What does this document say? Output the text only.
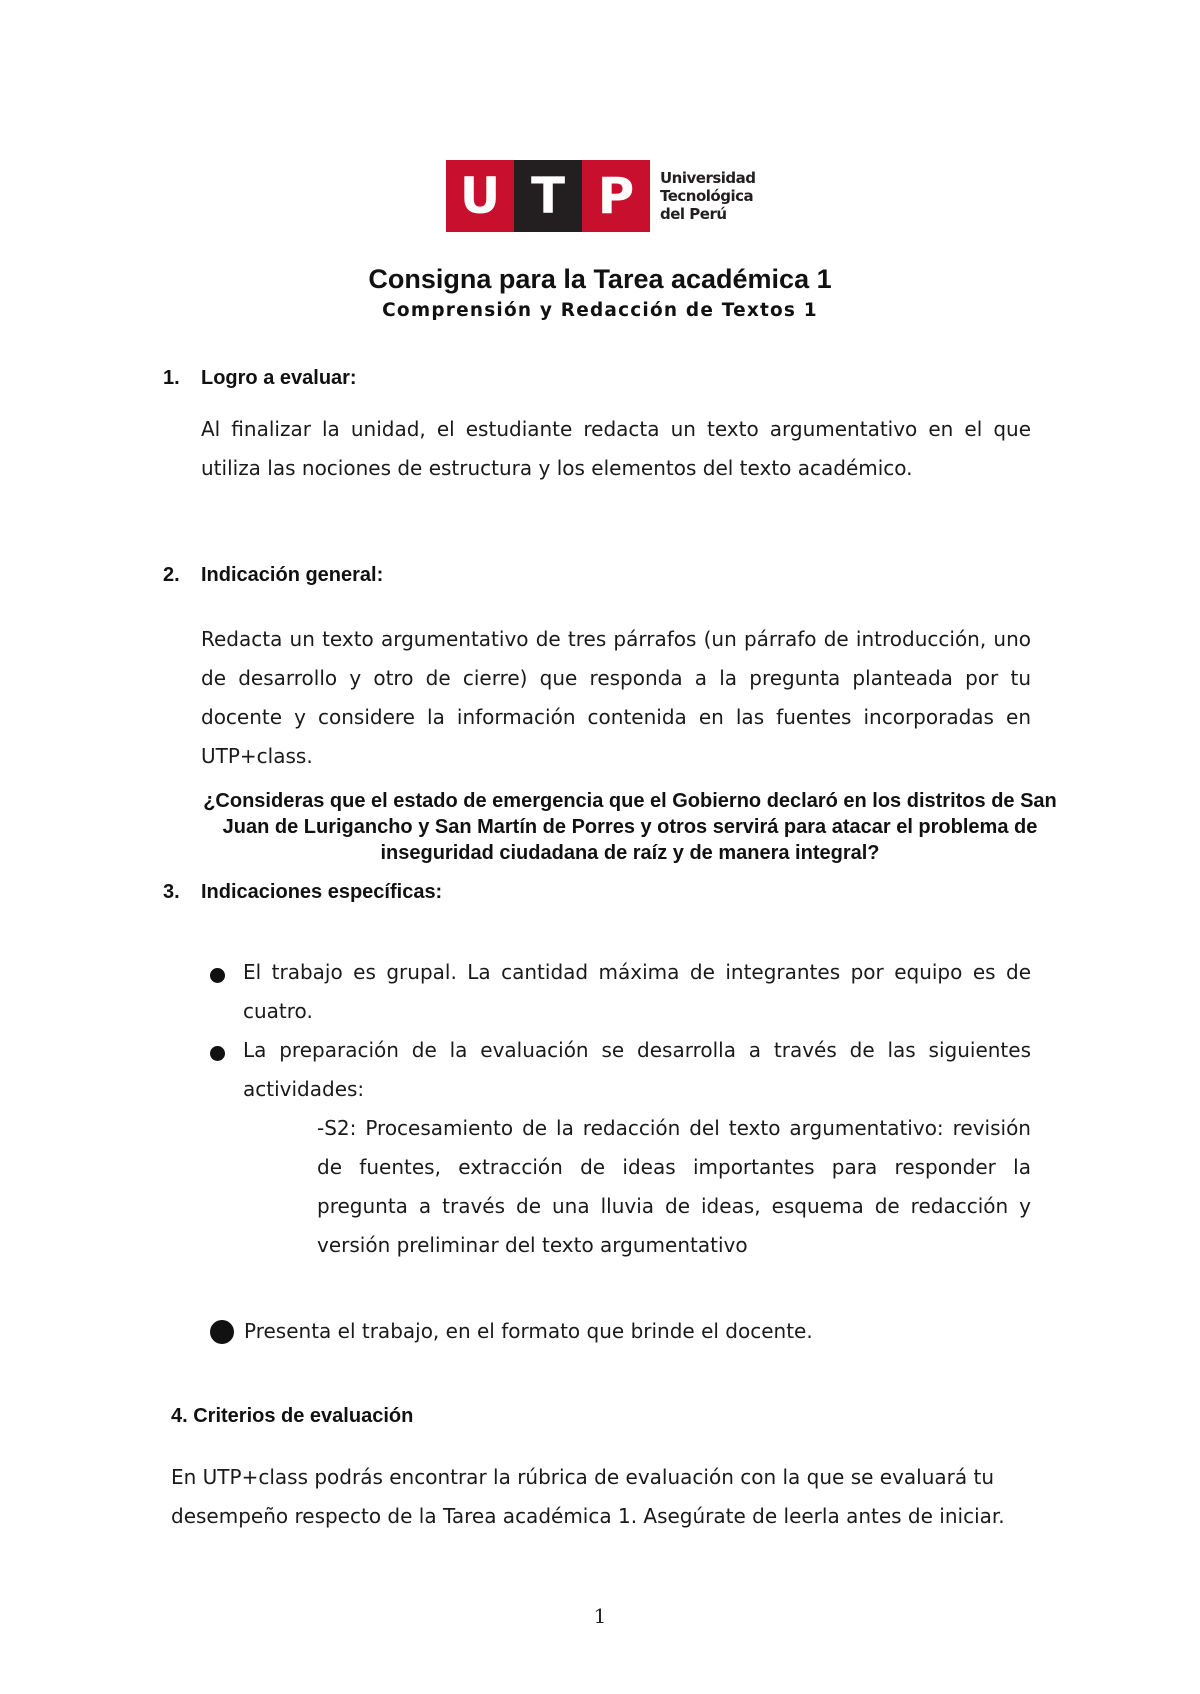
U T P	Universidad
Tecnológica
del Perú
Consigna para la Tarea académica 1
Comprensión y Redacción de Textos 1
1. Logro a evaluar:
Al finalizar la unidad, el estudiante redacta un texto argumentativo en el que utiliza las nociones de estructura y los elementos del texto académico.
2. Indicación general:
Redacta un texto argumentativo de tres párrafos (un párrafo de introducción, uno de desarrollo y otro de cierre) que responda a la pregunta planteada por tu docente y considere la información contenida en las fuentes incorporadas en UTP+class.
¿Consideras que el estado de emergencia que el Gobierno declaró en los distritos de San Juan de Lurigancho y San Martín de Porres y otros servirá para atacar el problema de inseguridad ciudadana de raíz y de manera integral?
3. Indicaciones específicas:
El trabajo es grupal. La cantidad máxima de integrantes por equipo es de cuatro.
La preparación de la evaluación se desarrolla a través de las siguientes actividades:
-S2: Procesamiento de la redacción del texto argumentativo: revisión de fuentes, extracción de ideas importantes para responder la pregunta a través de una lluvia de ideas, esquema de redacción y versión preliminar del texto argumentativo
Presenta el trabajo, en el formato que brinde el docente.
4. Criterios de evaluación
En UTP+class podrás encontrar la rúbrica de evaluación con la que se evaluará tu    desempeño respecto de la Tarea académica 1. Asegúrate de leerla antes de iniciar.
1
